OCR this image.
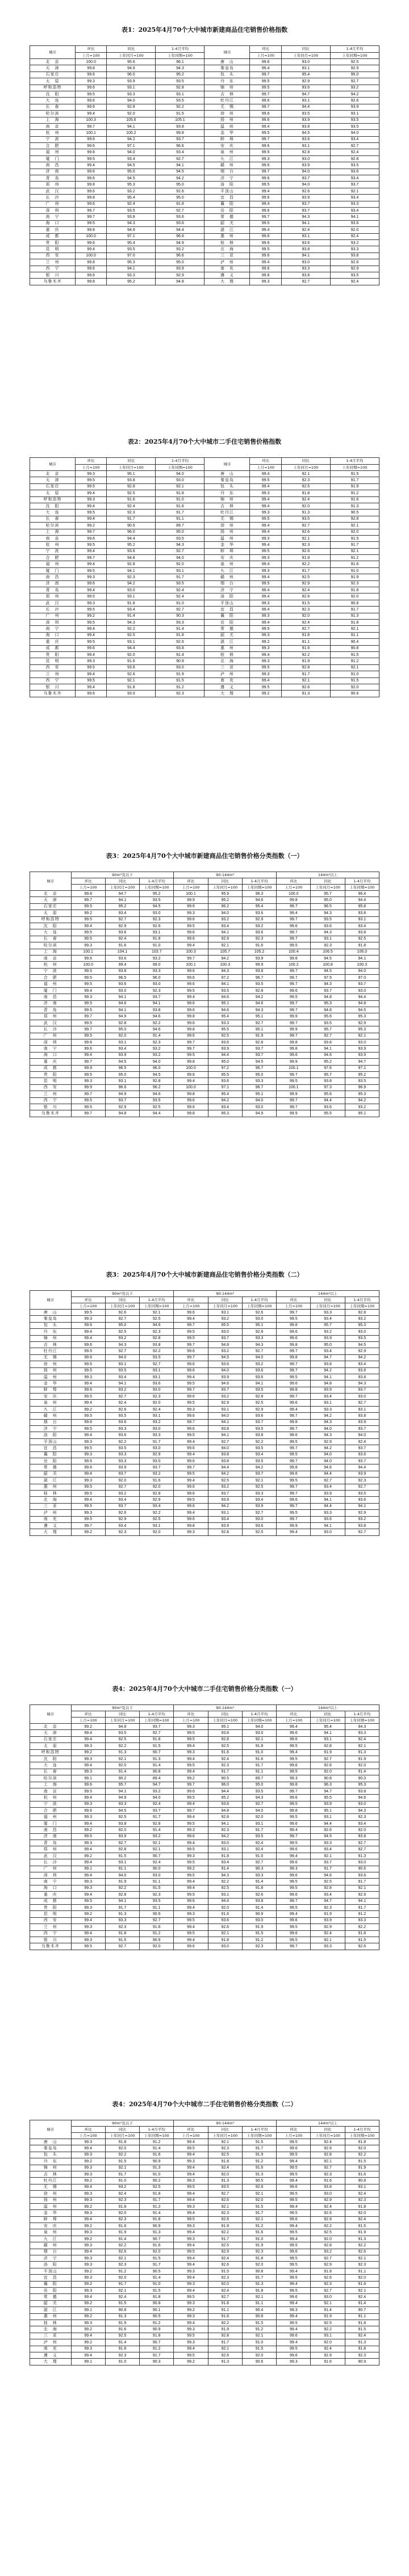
表1：2025年4月70个大中城市新建商品住宅销售价格指数
城市	环比	同比	1-4月平均	城市	环比	同比	1-4月平均
	上月=100	上年同月=100	上年同期=100		上月=100	上年同月=100	上年同期=100
北　京	100.0	95.6	96.1	唐　山	99.6	93.0	92.5
天　津	99.8	94.9	94.3	秦皇岛	99.4	93.1	92.9
石家庄	99.6	96.0	95.2	包　头	99.7	95.4	95.0
太　原	99.3	93.9	93.5	丹　东	99.5	92.9	92.7
呼和浩特	99.6	93.1	92.8	锦　州	99.5	93.6	93.2
沈　阳	99.5	93.3	93.1	吉　林	99.7	94.7	94.2
大　连	99.6	94.0	93.5	牡丹江	99.6	93.1	92.6
长　春	99.6	92.8	92.2	无　锡	99.7	94.4	93.9
哈尔滨	99.4	92.0	91.5	徐　州	99.6	93.5	93.1
上　海	100.3	105.6	105.1	扬　州	99.6	93.9	93.5
南　京	99.7	94.1	93.8	温　州	99.4	93.8	93.5
杭　州	100.1	100.2	99.8	金　华	99.5	94.5	94.0
宁　波	99.6	94.2	93.7	蚌　埠	99.7	93.6	93.4
合　肥	99.6	97.1	96.6	安　庆	99.6	93.1	92.7
福　州	99.6	94.0	93.4	泉　州	99.5	92.8	92.4
厦　门	99.5	93.4	92.7	九　江	99.3	93.0	92.8
南　昌	99.4	94.5	94.1	赣　州	99.6	93.9	93.5
济　南	99.6	95.0	94.5	烟　台	99.7	94.0	93.6
青　岛	99.6	94.5	94.2	济　宁	99.6	93.7	93.4
郑　州	99.8	95.3	95.0	洛　阳	99.5	94.0	93.7
武　汉	99.6	93.2	92.6	平顶山	99.4	92.6	92.1
长　沙	99.8	95.4	95.0	宜　昌	99.6	93.9	93.4
广　州	99.6	92.4	91.8	襄　阳	99.4	93.7	93.3
深　圳	99.7	93.5	92.7	岳　阳	99.6	93.7	93.4
南　宁	99.7	93.8	93.6	常　德	99.7	94.3	94.1
海　口	99.5	94.3	93.6	韶　关	99.5	94.1	93.6
重　庆	99.8	94.9	94.4	湛　江	99.4	92.4	92.0
成　都	100.0	97.1	96.6	惠　州	99.6	93.1	92.4
贵　阳	99.6	95.4	94.9	桂　林	99.6	93.6	93.2
昆　明	99.4	93.5	93.2	北　海	99.5	93.8	93.3
西　安	100.0	97.0	96.6	三　亚	99.6	94.1	93.8
兰　州	99.8	95.3	95.0	泸　州	99.4	93.0	92.6
西　宁	99.6	94.1	93.9	南　充	99.6	93.3	92.9
银　川	99.6	93.3	92.9	遵　义	99.8	93.8	93.5
乌鲁木齐	99.8	95.2	94.8	大　理	99.3	92.7	92.4
表2：2025年4月70个大中城市二手住宅销售价格指数
城市	环比	同比	1-4月平均	城市	环比	同比	1-4月平均
	上月=100	上年同月=100	上年同期=100		上月=100	上年同月=100	上年同期=100
北　京	99.3	95.1	94.0	唐　山	99.4	92.1	91.5
天　津	99.5	93.8	93.0	秦皇岛	99.5	92.3	91.7
石家庄	99.5	92.8	92.1	包　头	99.4	92.5	91.9
太　原	99.4	92.5	91.8	丹　东	99.3	91.8	91.2
呼和浩特	99.3	91.6	91.0	锦　州	99.4	92.4	91.6
沈　阳	99.4	92.4	91.6	吉　林	99.4	92.0	91.3
大　连	99.5	92.3	91.7	牡丹江	99.3	91.3	90.5
长　春	99.4	91.7	91.1	无　锡	99.5	93.5	92.8
哈尔滨	99.2	90.5	89.7	徐　州	99.4	92.7	92.1
上　海	99.7	96.0	95.0	扬　州	99.4	92.6	92.0
南　京	99.6	94.4	93.5	温　州	99.3	92.1	91.5
杭　州	99.5	95.2	94.3	金　华	99.4	92.3	91.7
宁　波	99.4	93.6	92.7	蚌　埠	99.5	92.6	92.1
合　肥	99.7	94.8	94.0	安　庆	99.3	91.9	91.2
福　州	99.4	92.8	92.0	泉　州	99.4	92.2	91.6
厦　门	99.5	94.1	93.1	九　江	99.3	91.7	91.0
南　昌	99.3	92.3	91.7	赣　州	99.4	92.5	91.9
济　南	99.6	94.2	93.5	烟　台	99.5	92.9	92.3
青　岛	99.4	93.0	92.4	济　宁	99.4	92.4	91.8
郑　州	99.5	93.1	92.4	洛　阳	99.4	92.6	92.0
武　汉	99.3	91.8	91.0	平顶山	99.3	91.5	90.8
长　沙	99.5	93.4	92.7	宜　昌	99.4	92.3	91.7
广　州	99.2	91.4	90.3	襄　阳	99.3	92.0	91.3
深　圳	99.5	94.3	93.3	岳　阳	99.4	92.4	91.8
南　宁	99.4	92.2	91.4	常　德	99.5	92.7	92.1
海　口	99.4	92.5	91.8	韶　关	99.3	91.8	91.1
重　庆	99.5	93.1	92.6	湛　江	99.2	91.1	90.4
成　都	99.6	94.4	93.8	惠　州	99.3	91.6	90.8
贵　阳	99.4	92.0	91.4	桂　林	99.4	92.2	91.5
昆　明	99.3	91.6	90.9	北　海	99.3	91.9	91.2
西　安	99.5	93.6	93.0	三　亚	99.5	92.8	92.1
兰　州	99.4	92.6	91.9	泸　州	99.3	91.7	91.0
西　宁	99.5	92.1	91.5	南　充	99.4	92.1	91.5
银　川	99.4	91.8	91.2	遵　义	99.5	92.6	92.0
乌鲁木齐	99.6	93.0	92.3	大　理	99.2	91.3	90.6
表3：2025年4月70个大中城市新建商品住宅销售价格分类指数（一）
城市	90m²及以下			90-144m²			144m²以上		
	环比	同比	1-4月平均	环比	同比	1-4月平均	环比	同比	1-4月平均
	上月=100	上年同月=100	上年同期=100	上月=100	上年同月=100	上年同期=100	上月=100	上年同月=100	上年同期=100
北　京	99.8	94.7	95.2	100.1	95.9	96.3	100.0	95.7	96.4
天　津	99.7	94.1	93.5	99.9	95.2	94.6	99.8	95.0	94.4
石家庄	99.5	95.2	94.5	99.6	96.2	95.4	99.7	96.5	95.8
太　原	99.2	93.4	93.0	99.3	94.0	93.6	99.4	94.3	93.8
呼和浩特	99.5	92.7	92.3	99.6	93.2	92.9	99.7	93.5	93.1
沈　阳	99.4	92.9	92.6	99.5	93.4	93.2	99.6	93.6	93.4
大　连	99.5	93.6	93.1	99.6	94.1	93.6	99.7	94.3	93.8
长　春	99.5	92.4	91.8	99.6	92.9	92.3	99.7	93.1	92.5
哈尔滨	99.3	91.6	91.0	99.4	92.1	91.6	99.5	92.3	91.8
上　海	100.1	104.1	103.7	100.3	105.7	105.2	100.4	106.5	106.0
南　京	99.6	93.6	93.2	99.7	94.2	93.9	99.8	94.5	94.1
杭　州	100.0	99.4	99.0	100.1	100.3	99.9	100.2	100.8	100.3
宁　波	99.5	93.8	93.3	99.6	94.3	93.8	99.7	94.5	94.0
合　肥	99.5	96.5	96.0	99.6	97.2	96.7	99.7	97.5	97.0
福　州	99.5	93.6	93.0	99.6	94.1	93.5	99.7	94.3	93.7
厦　门	99.4	93.0	92.3	99.5	93.5	92.8	99.6	93.7	93.0
南　昌	99.3	94.1	93.7	99.4	94.6	94.2	99.5	94.8	94.4
济　南	99.5	94.6	94.1	99.6	95.1	94.6	99.7	95.3	94.8
青　岛	99.5	94.1	93.8	99.6	94.6	94.3	99.7	94.8	94.5
郑　州	99.7	94.9	94.6	99.8	95.4	95.1	99.9	95.6	95.3
武　汉	99.5	92.8	92.2	99.6	93.3	92.7	99.7	93.5	92.9
长　沙	99.7	95.0	94.6	99.8	95.5	95.1	99.9	95.7	95.3
广　州	99.5	92.0	91.4	99.6	92.5	91.9	99.7	92.7	92.1
深　圳	99.6	93.1	92.3	99.7	93.6	92.8	99.8	93.8	93.0
南　宁	99.6	93.4	93.2	99.7	93.9	93.7	99.8	94.1	93.9
海　口	99.4	93.9	93.2	99.5	94.4	93.7	99.6	94.6	93.9
重　庆	99.7	94.5	94.0	99.8	95.0	94.5	99.9	95.2	94.7
成　都	99.9	96.5	96.0	100.0	97.2	96.7	100.1	97.6	97.1
贵　阳	99.5	95.0	94.5	99.6	95.5	95.0	99.7	95.7	95.2
昆　明	99.3	93.1	92.8	99.4	93.6	93.3	99.5	93.8	93.5
西　安	99.9	96.6	96.2	100.0	97.1	96.7	100.1	97.3	96.9
兰　州	99.7	94.9	94.6	99.8	95.4	95.1	99.9	95.6	95.3
西　宁	99.5	93.7	93.5	99.6	94.2	94.0	99.7	94.4	94.2
银　川	99.5	92.9	92.5	99.6	93.4	93.0	99.7	93.6	93.2
乌鲁木齐	99.7	94.8	94.4	99.8	95.3	94.9	99.9	95.5	95.1
表3：2025年4月70个大中城市新建商品住宅销售价格分类指数（二）
城市	90m²及以下			90-144m²			144m²以上		
	环比	同比	1-4月平均	环比	同比	1-4月平均	环比	同比	1-4月平均
	上月=100	上年同月=100	上年同期=100	上月=100	上年同月=100	上年同期=100	上月=100	上年同月=100	上年同期=100
唐　山	99.5	92.6	92.1	99.6	93.1	92.6	99.7	93.3	92.8
秦皇岛	99.3	92.7	92.5	99.4	93.2	93.0	99.5	93.4	93.2
包　头	99.6	95.0	94.6	99.7	95.5	95.1	99.8	95.7	95.3
丹　东	99.4	92.5	92.3	99.5	93.0	92.8	99.6	93.2	93.0
锦　州	99.4	93.2	92.8	99.5	93.7	93.3	99.6	93.9	93.5
吉　林	99.6	94.3	93.8	99.7	94.8	94.3	99.8	95.0	94.5
牡丹江	99.5	92.7	92.2	99.6	93.2	92.7	99.7	93.4	92.9
无　锡	99.6	94.0	93.5	99.7	94.5	94.0	99.8	94.7	94.2
徐　州	99.5	93.1	92.7	99.6	93.6	93.2	99.7	93.8	93.4
扬　州	99.5	93.5	93.1	99.6	94.0	93.6	99.7	94.2	93.8
温　州	99.3	93.4	93.1	99.4	93.9	93.6	99.5	94.1	93.8
金　华	99.4	94.1	93.6	99.5	94.6	94.1	99.6	94.8	94.3
蚌　埠	99.6	93.2	93.0	99.7	93.7	93.5	99.8	93.9	93.7
安　庆	99.5	92.7	92.3	99.6	93.2	92.8	99.7	93.4	93.0
泉　州	99.4	92.4	92.0	99.5	92.9	92.5	99.6	93.1	92.7
九　江	99.2	92.6	92.4	99.3	93.1	92.9	99.4	93.3	93.1
赣　州	99.5	93.5	93.1	99.6	94.0	93.6	99.7	94.2	93.8
烟　台	99.6	93.6	93.2	99.7	94.1	93.7	99.8	94.3	93.9
济　宁	99.5	93.3	93.0	99.6	93.8	93.5	99.7	94.0	93.7
洛　阳	99.4	93.6	93.3	99.5	94.1	93.8	99.6	94.3	94.0
平顶山	99.3	92.2	91.7	99.4	92.7	92.2	99.5	92.9	92.4
宜　昌	99.5	93.5	93.0	99.6	94.0	93.5	99.7	94.2	93.7
襄　阳	99.3	93.3	92.9	99.4	93.8	93.4	99.5	94.0	93.6
岳　阳	99.5	93.3	93.0	99.6	93.8	93.5	99.7	94.0	93.7
常　德	99.6	93.9	93.7	99.7	94.4	94.2	99.8	94.6	94.4
韶　关	99.4	93.7	93.2	99.5	94.2	93.7	99.6	94.4	93.9
湛　江	99.3	92.0	91.6	99.4	92.5	92.1	99.5	92.7	92.3
惠　州	99.5	92.7	92.0	99.6	93.2	92.5	99.7	93.4	92.7
桂　林	99.5	93.2	92.8	99.6	93.7	93.3	99.7	93.9	93.5
北　海	99.4	93.4	92.9	99.5	93.9	93.4	99.6	94.1	93.6
三　亚	99.5	93.7	93.4	99.6	94.2	93.9	99.7	94.4	94.1
泸　州	99.3	92.6	92.2	99.4	93.1	92.7	99.5	93.3	92.9
南　充	99.5	92.9	92.5	99.6	93.4	93.0	99.7	93.6	93.2
遵　义	99.7	93.4	93.1	99.8	93.9	93.6	99.9	94.1	93.8
大　理	99.2	92.3	92.0	99.3	92.8	92.5	99.4	93.0	92.7
表4：2025年4月70个大中城市二手住宅销售价格分类指数（一）
城市	90m²及以下			90-144m²			144m²以上		
	环比	同比	1-4月平均	环比	同比	1-4月平均	环比	同比	1-4月平均
	上月=100	上年同月=100	上年同期=100	上月=100	上年同月=100	上年同期=100	上月=100	上年同月=100	上年同期=100
北　京	99.2	94.8	93.7	99.3	95.1	94.0	99.4	95.4	94.3
天　津	99.4	93.5	92.7	99.5	93.8	93.0	99.6	94.1	93.3
石家庄	99.4	92.5	91.8	99.5	92.8	92.1	99.6	93.1	92.4
太　原	99.3	92.2	91.5	99.4	92.5	91.8	99.5	92.8	92.1
呼和浩特	99.2	91.3	90.7	99.3	91.6	91.0	99.4	91.9	91.3
沈　阳	99.3	92.1	91.3	99.4	92.4	91.6	99.5	92.7	91.9
大　连	99.4	92.0	91.4	99.5	92.3	91.7	99.6	92.6	92.0
长　春	99.3	91.4	90.8	99.4	91.7	91.1	99.5	92.0	91.4
哈尔滨	99.1	90.2	89.4	99.2	90.5	89.7	99.3	90.8	90.0
上　海	99.6	95.7	94.7	99.7	96.0	95.0	99.8	96.3	95.3
南　京	99.5	94.1	93.2	99.6	94.4	93.5	99.7	94.7	93.8
杭　州	99.4	94.9	94.0	99.5	95.2	94.3	99.6	95.5	94.6
宁　波	99.3	93.3	92.4	99.4	93.6	92.7	99.5	93.9	93.0
合　肥	99.6	94.5	93.7	99.7	94.8	94.0	99.8	95.1	94.3
福　州	99.3	92.5	91.7	99.4	92.8	92.0	99.5	93.1	92.3
厦　门	99.4	93.8	92.8	99.5	94.1	93.1	99.6	94.4	93.4
南　昌	99.2	92.0	91.4	99.3	92.3	91.7	99.4	92.6	92.0
济　南	99.5	93.9	93.2	99.6	94.2	93.5	99.7	94.5	93.8
青　岛	99.3	92.7	92.1	99.4	93.0	92.4	99.5	93.3	92.7
郑　州	99.4	92.8	92.1	99.5	93.1	92.4	99.6	93.4	92.7
武　汉	99.2	91.5	90.7	99.3	91.8	91.0	99.4	92.1	91.3
长　沙	99.4	93.1	92.4	99.5	93.4	92.7	99.6	93.7	93.0
广　州	99.1	91.1	90.0	99.2	91.4	90.3	99.3	91.7	90.6
深　圳	99.4	94.0	93.0	99.5	94.3	93.3	99.6	94.6	93.6
南　宁	99.3	91.9	91.1	99.4	92.2	91.4	99.5	92.5	91.7
海　口	99.3	92.2	91.5	99.4	92.5	91.8	99.5	92.8	92.1
重　庆	99.4	92.8	92.3	99.5	93.1	92.6	99.6	93.4	92.9
成　都	99.5	94.1	93.5	99.6	94.4	93.8	99.7	94.7	94.1
贵　阳	99.3	91.7	91.1	99.4	92.0	91.4	99.5	92.3	91.7
昆　明	99.2	91.3	90.6	99.3	91.6	90.9	99.4	91.9	91.2
西　安	99.4	93.3	92.7	99.5	93.6	93.0	99.6	93.9	93.3
兰　州	99.3	92.3	91.6	99.4	92.6	91.9	99.5	92.9	92.2
西　宁	99.4	91.8	91.2	99.5	92.1	91.5	99.6	92.4	91.8
银　川	99.3	91.5	90.9	99.4	91.8	91.2	99.5	92.1	91.5
乌鲁木齐	99.5	92.7	92.0	99.6	93.0	92.3	99.7	93.3	92.6
表4：2025年4月70个大中城市二手住宅销售价格分类指数（二）
城市	90m²及以下			90-144m²			144m²以上		
	环比	同比	1-4月平均	环比	同比	1-4月平均	环比	同比	1-4月平均
	上月=100	上年同月=100	上年同期=100	上月=100	上年同月=100	上年同期=100	上月=100	上年同月=100	上年同期=100
唐　山	99.3	91.8	91.2	99.4	92.1	91.5	99.5	92.4	91.8
秦皇岛	99.4	92.0	91.4	99.5	92.3	91.7	99.6	92.6	92.0
包　头	99.3	92.2	91.6	99.4	92.5	91.9	99.5	92.8	92.2
丹　东	99.2	91.5	90.9	99.3	91.8	91.2	99.4	92.1	91.5
锦　州	99.3	92.1	91.3	99.4	92.4	91.6	99.5	92.7	91.9
吉　林	99.3	91.7	91.0	99.4	92.0	91.3	99.5	92.3	91.6
牡丹江	99.2	91.0	90.2	99.3	91.3	90.5	99.4	91.6	90.8
无　锡	99.4	93.2	92.5	99.5	93.5	92.8	99.6	93.8	93.1
徐　州	99.3	92.4	91.8	99.4	92.7	92.1	99.5	93.0	92.4
扬　州	99.3	92.3	91.7	99.4	92.6	92.0	99.5	92.9	92.3
温　州	99.2	91.8	91.2	99.3	92.1	91.5	99.4	92.4	91.8
金　华	99.3	92.0	91.4	99.4	92.3	91.7	99.5	92.6	92.0
蚌　埠	99.4	92.3	91.8	99.5	92.6	92.1	99.6	92.9	92.4
安　庆	99.2	91.6	90.9	99.3	91.9	91.2	99.4	92.2	91.5
泉　州	99.3	91.9	91.3	99.4	92.2	91.6	99.5	92.5	91.9
九　江	99.2	91.4	90.7	99.3	91.7	91.0	99.4	92.0	91.3
赣　州	99.3	92.2	91.6	99.4	92.5	91.9	99.5	92.8	92.2
烟　台	99.4	92.6	92.0	99.5	92.9	92.3	99.6	93.2	92.6
济　宁	99.3	92.1	91.5	99.4	92.4	91.8	99.5	92.7	92.1
洛　阳	99.3	92.3	91.7	99.4	92.6	92.0	99.5	92.9	92.3
平顶山	99.2	91.2	90.5	99.3	91.5	90.8	99.4	91.8	91.1
宜　昌	99.3	92.0	91.4	99.4	92.3	91.7	99.5	92.6	92.0
襄　阳	99.2	91.7	91.0	99.3	92.0	91.3	99.4	92.3	91.6
岳　阳	99.3	92.1	91.5	99.4	92.4	91.8	99.5	92.7	92.1
常　德	99.4	92.4	91.8	99.5	92.7	92.1	99.6	93.0	92.4
韶　关	99.2	91.5	90.8	99.3	91.8	91.1	99.4	92.1	91.4
湛　江	99.1	90.8	90.1	99.2	91.1	90.4	99.3	91.4	90.7
惠　州	99.2	91.3	90.5	99.3	91.6	90.8	99.4	91.9	91.1
桂　林	99.3	91.9	91.2	99.4	92.2	91.5	99.5	92.5	91.8
北　海	99.2	91.6	90.9	99.3	91.9	91.2	99.4	92.2	91.5
三　亚	99.4	92.5	91.8	99.5	92.8	92.1	99.6	93.1	92.4
泸　州	99.2	91.4	90.7	99.3	91.7	91.0	99.4	92.0	91.3
南　充	99.3	91.8	91.2	99.4	92.1	91.5	99.5	92.4	91.8
遵　义	99.4	92.3	91.7	99.5	92.6	92.0	99.6	92.9	92.3
大　理	99.1	91.0	90.3	99.2	91.3	90.6	99.3	91.6	90.9
